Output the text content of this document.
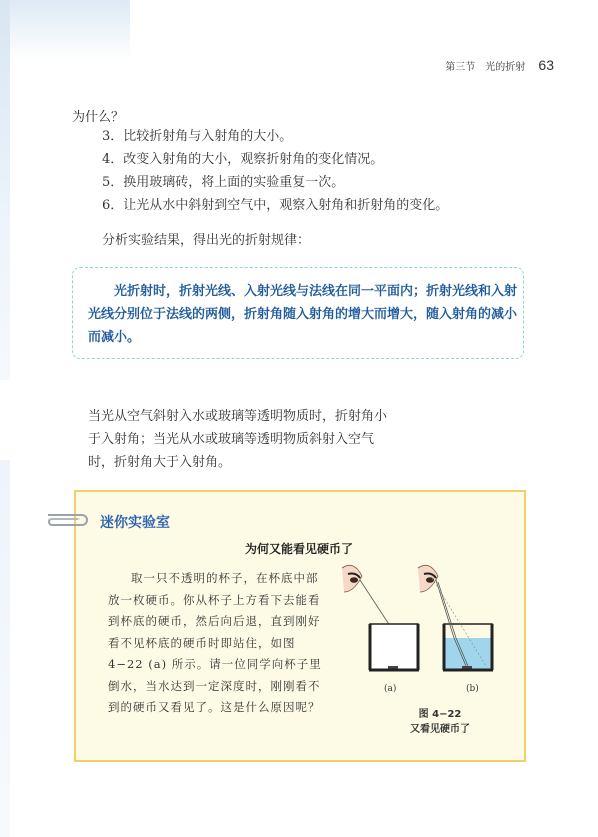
第三节　光的折射 63
为什么？
3．比较折射角与入射角的大小。
4．改变入射角的大小，观察折射角的变化情况。
5．换用玻璃砖，将上面的实验重复一次。
6．让光从水中斜射到空气中，观察入射角和折射角的变化。
分析实验结果，得出光的折射规律：
光折射时，折射光线、入射光线与法线在同一平面内；折射光线和入射光线分别位于法线的两侧，折射角随入射角的增大而增大，随入射角的减小而减小。
当光从空气斜射入水或玻璃等透明物质时，折射角小于入射角；当光从水或玻璃等透明物质斜射入空气时，折射角大于入射角。
迷你实验室
为何又能看见硬币了
取一只不透明的杯子，在杯底中部放一枚硬币。你从杯子上方看下去能看到杯底的硬币，然后向后退，直到刚好看不见杯底的硬币时即站住，如图 4−22 (a) 所示。请一位同学向杯子里倒水，当水达到一定深度时，刚刚看不到的硬币又看见了。这是什么原因呢？
(a)	(b)
图 4−22
又看见硬币了
